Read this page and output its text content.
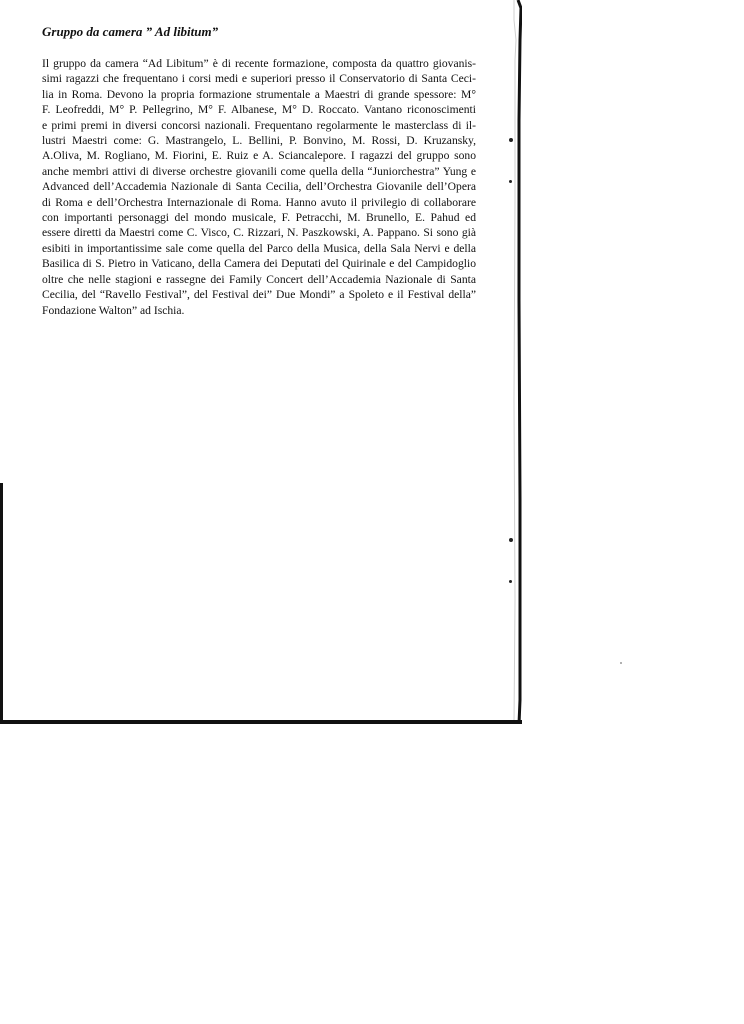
Gruppo da camera ” Ad libitum”
Il gruppo da camera “Ad Libitum” è di recente formazione, composta da quattro giovanis-
simi ragazzi che frequentano i corsi medi e superiori presso il Conservatorio di Santa Ceci-
lia in Roma. Devono la propria formazione strumentale a Maestri di grande spessore: M°
F. Leofreddi, M° P. Pellegrino, M° F. Albanese, M° D. Roccato. Vantano riconoscimenti
e primi premi in diversi concorsi nazionali. Frequentano regolarmente le masterclass di il-
lustri Maestri come: G. Mastrangelo, L. Bellini, P. Bonvino, M. Rossi, D. Kruzansky,
A.Oliva, M. Rogliano, M. Fiorini, E. Ruiz e A. Sciancalepore. I ragazzi del gruppo sono
anche membri attivi di diverse orchestre giovanili come quella della “Juniorchestra” Yung e
Advanced dell’Accademia Nazionale di Santa Cecilia, dell’Orchestra Giovanile dell’Opera
di Roma e dell’Orchestra Internazionale di Roma. Hanno avuto il privilegio di collaborare
con importanti personaggi del mondo musicale, F. Petracchi, M. Brunello, E. Pahud ed
essere diretti da Maestri come C. Visco, C. Rizzari, N. Paszkowski, A. Pappano. Si sono già
esibiti in importantissime sale come quella del Parco della Musica, della Sala Nervi e della
Basilica di S. Pietro in Vaticano, della Camera dei Deputati del Quirinale e del Campidoglio
oltre che nelle stagioni e rassegne dei Family Concert dell’Accademia Nazionale di Santa
Cecilia, del “Ravello Festival”, del Festival dei” Due Mondi” a Spoleto e il Festival della”
Fondazione Walton” ad Ischia.
